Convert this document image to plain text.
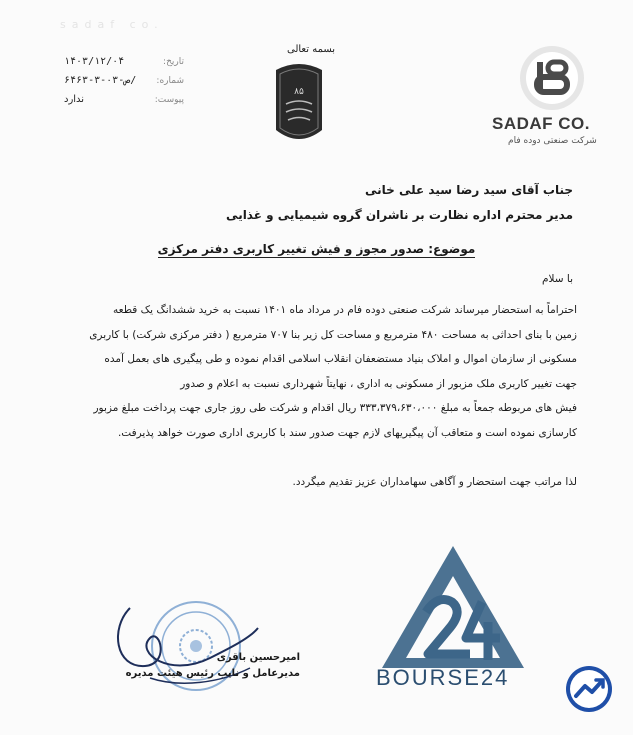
sadaf co.
تاریخ:
۱۴۰۳/۱۲/۰۴
شماره:
۶۴۶۳-۳-ص-۰۳/
پیوست:
ندارد
بسمه تعالی
۸۵
SADAF CO.
شرکت صنعتی دوده فام
جناب آقای سید رضا سید علی خانی
مدیر محترم اداره نظارت بر ناشران گروه شیمیایی و غذایی
موضوع: صدور مجوز و فیش تغییر کاربری دفتر مرکزی
با سلام

احتراماً به استحضار میرساند شرکت صنعتی دوده فام در مرداد ماه ۱۴۰۱ نسبت به خرید ششدانگ یک قطعه

زمین با بنای احداثی به مساحت ۴۸۰ مترمربع و مساحت کل زیر بنا ۷۰۷ مترمربع ( دفتر مرکزی شرکت) با کاربری

مسکونی از سازمان اموال و املاک بنیاد مستضعفان انقلاب اسلامی اقدام نموده و طی پیگیری های بعمل آمده

جهت تغییر کاربری ملک مزبور از مسکونی به اداری ، نهایتاً شهرداری نسبت به اعلام و صدور

فیش های مربوطه جمعاً به مبلغ ۳۳۳،۳۷۹،۶۳۰،۰۰۰ ریال اقدام و شرکت طی روز جاری جهت پرداخت مبلغ مزبور

کارسازی نموده است و متعاقب آن پیگیریهای لازم جهت صدور سند با کاربری اداری صورت خواهد پذیرفت.

لذا مراتب جهت استحضار و آگاهی سهامداران عزیز تقدیم میگردد.
امیرحسین باقری
مدیرعامل و نایب رئیس هیئت مدیره	BOURSE24
